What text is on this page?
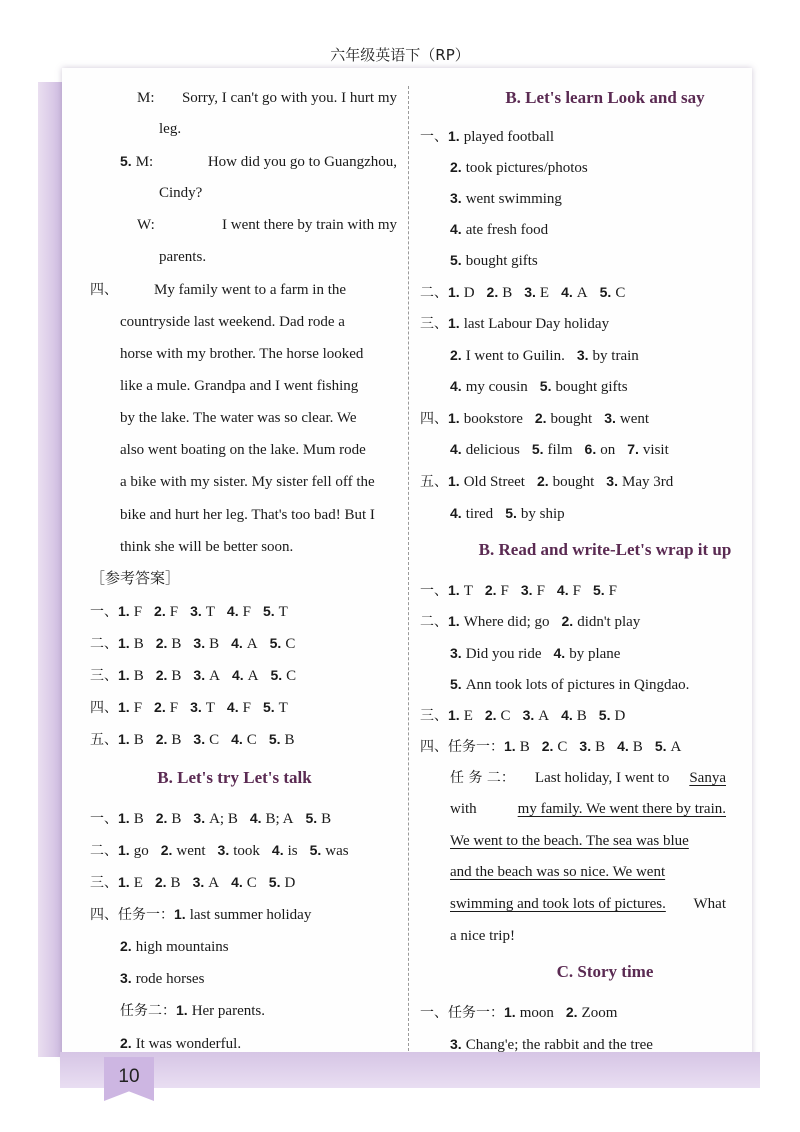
六年级英语下（RP）
10
M: Sorry, I can't go with you. I hurt my
leg.
5. M:	How did you go to Guangzhou,
Cindy?
W:	I went there by train with my
parents.
四、 My family went to a farm in the
countryside last weekend. Dad rode a
horse with my brother. The horse looked
like a mule. Grandpa and I went fishing
by the lake. The water was so clear. We
also went boating on the lake. Mum rode
a bike with my sister. My sister fell off the
bike and hurt her leg. That's too bad! But I
think she will be better soon.
［参考答案］
一、 1. F 2. F 3. T 4. F 5. T
二、 1. B 2. B 3. B 4. A 5. C
三、 1. B 2. B 3. A 4. A 5. C
四、 1. F 2. F 3. T 4. F 5. T
五、 1. B 2. B 3. C 4. C 5. B
B. Let's try Let's talk
一、 1. B 2. B 3. A; B 4. B; A 5. B
二、 1. go 2. went 3. took 4. is 5. was
三、 1. E 2. B 3. A 4. C 5. D
四、 任务一： 1. last summer holiday
2. high mountains
3. rode horses
任务二： 1. Her parents.
2. It was wonderful.
B. Let's learn Look and say
一、 1. played football
2. took pictures/photos
3. went swimming
4. ate fresh food
5. bought gifts
二、 1. D 2. B 3. E 4. A 5. C
三、 1. last Labour Day holiday
2. I went to Guilin. 3. by train
4. my cousin 5. bought gifts
四、 1. bookstore 2. bought 3. went
4. delicious 5. film 6. on 7. visit
五、 1. Old Street 2. bought 3. May 3rd
4. tired 5. by ship
B. Read and write-Let's wrap it up
一、 1. T 2. F 3. F 4. F 5. F
二、 1. Where did; go 2. didn't play
3. Did you ride 4. by plane
5. Ann took lots of pictures in Qingdao.
三、 1. E 2. C 3. A 4. B 5. D
四、 任务一： 1. B 2. C 3. B 4. B 5. A
任 务 二： Last holiday, I went to Sanya
with	my family. We went there by train.
We went to the beach. The sea was blue
and the beach was so nice. We went
swimming and took lots of pictures. What
a nice trip!
C. Story time
一、 任务一： 1. moon 2. Zoom
3. Chang'e; the rabbit and the tree
